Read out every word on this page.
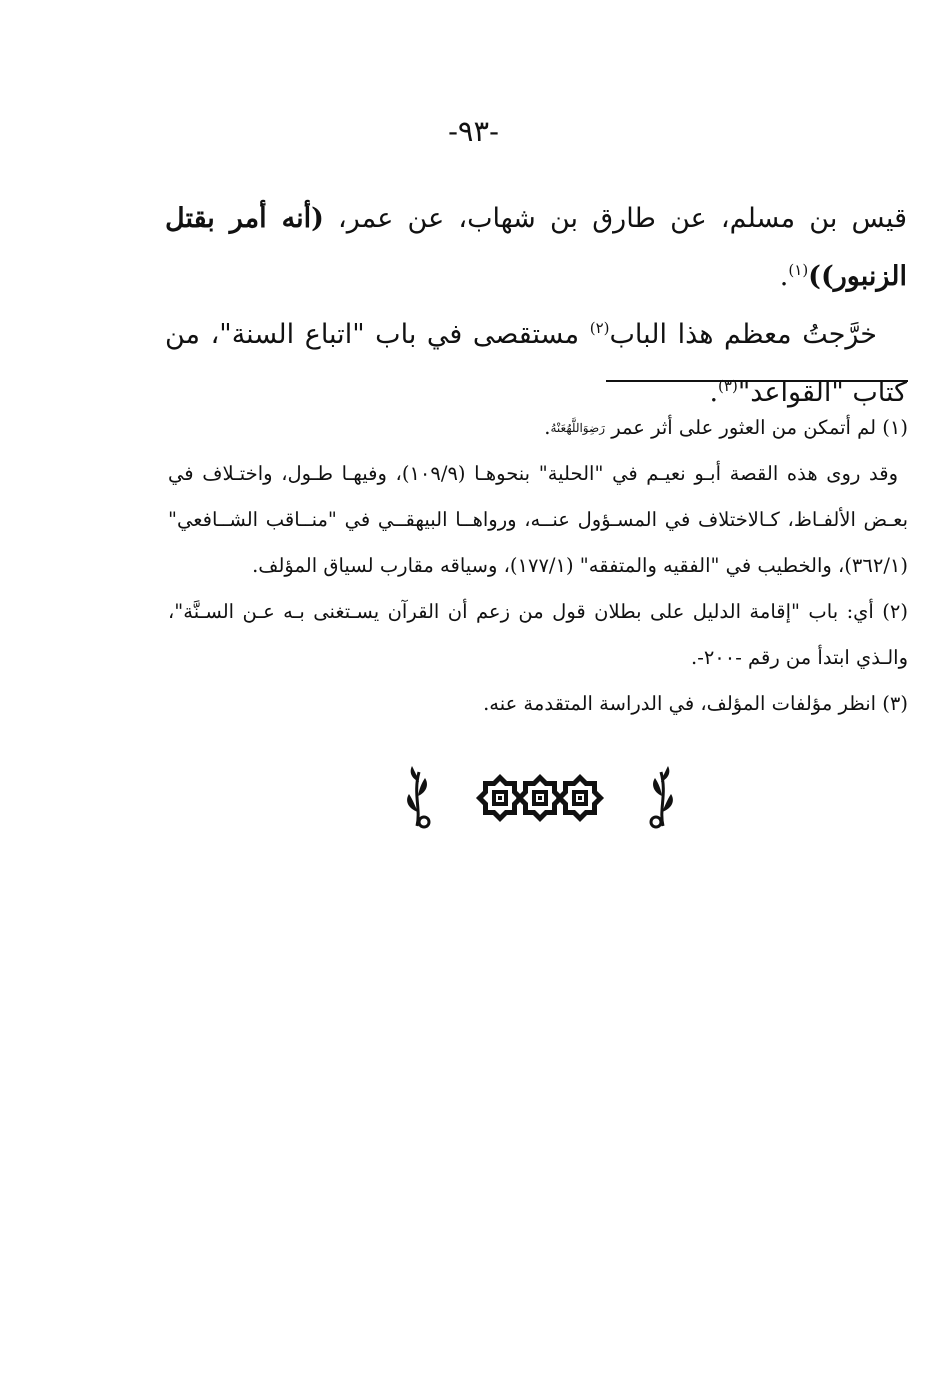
-٩٣-

قيس بن مسلم، عن طارق بن شهاب، عن عمر، (أنه أمر بقتل الزنبور))$^{(١)}$.

خرَّجتُ معظم هذا الباب$^{(٢)}$ مستقصى في باب "اتباع السنة"، من كتاب "القواعد"$^{(٣)}$.

(١) لم أتمكن من العثور على أثر عمر رَضِوَاللَّهُعَنْهُ.

وقد روى هذه القصة أبـو نعيـم في "الحلية" بنحوهـا (١٠٩/٩)، وفيهـا طـول، واختـلاف في بعـض الألفـاظ، كـالاختلاف في المسـؤول عنــه، ورواهــا البيهقــي في "منــاقب الشــافعي" (٣٦٢/١)، والخطيب في "الفقيه والمتفقه" (١٧٧/١)، وسياقه مقارب لسياق المؤلف.

(٢) أي: باب "إقامة الدليل على بطلان قول من زعم أن القرآن يسـتغنى بـه عـن السـنَّة"، والـذي ابتدأ من رقم -٢٠٠-.

(٣) انظر مؤلفات المؤلف، في الدراسة المتقدمة عنه.
